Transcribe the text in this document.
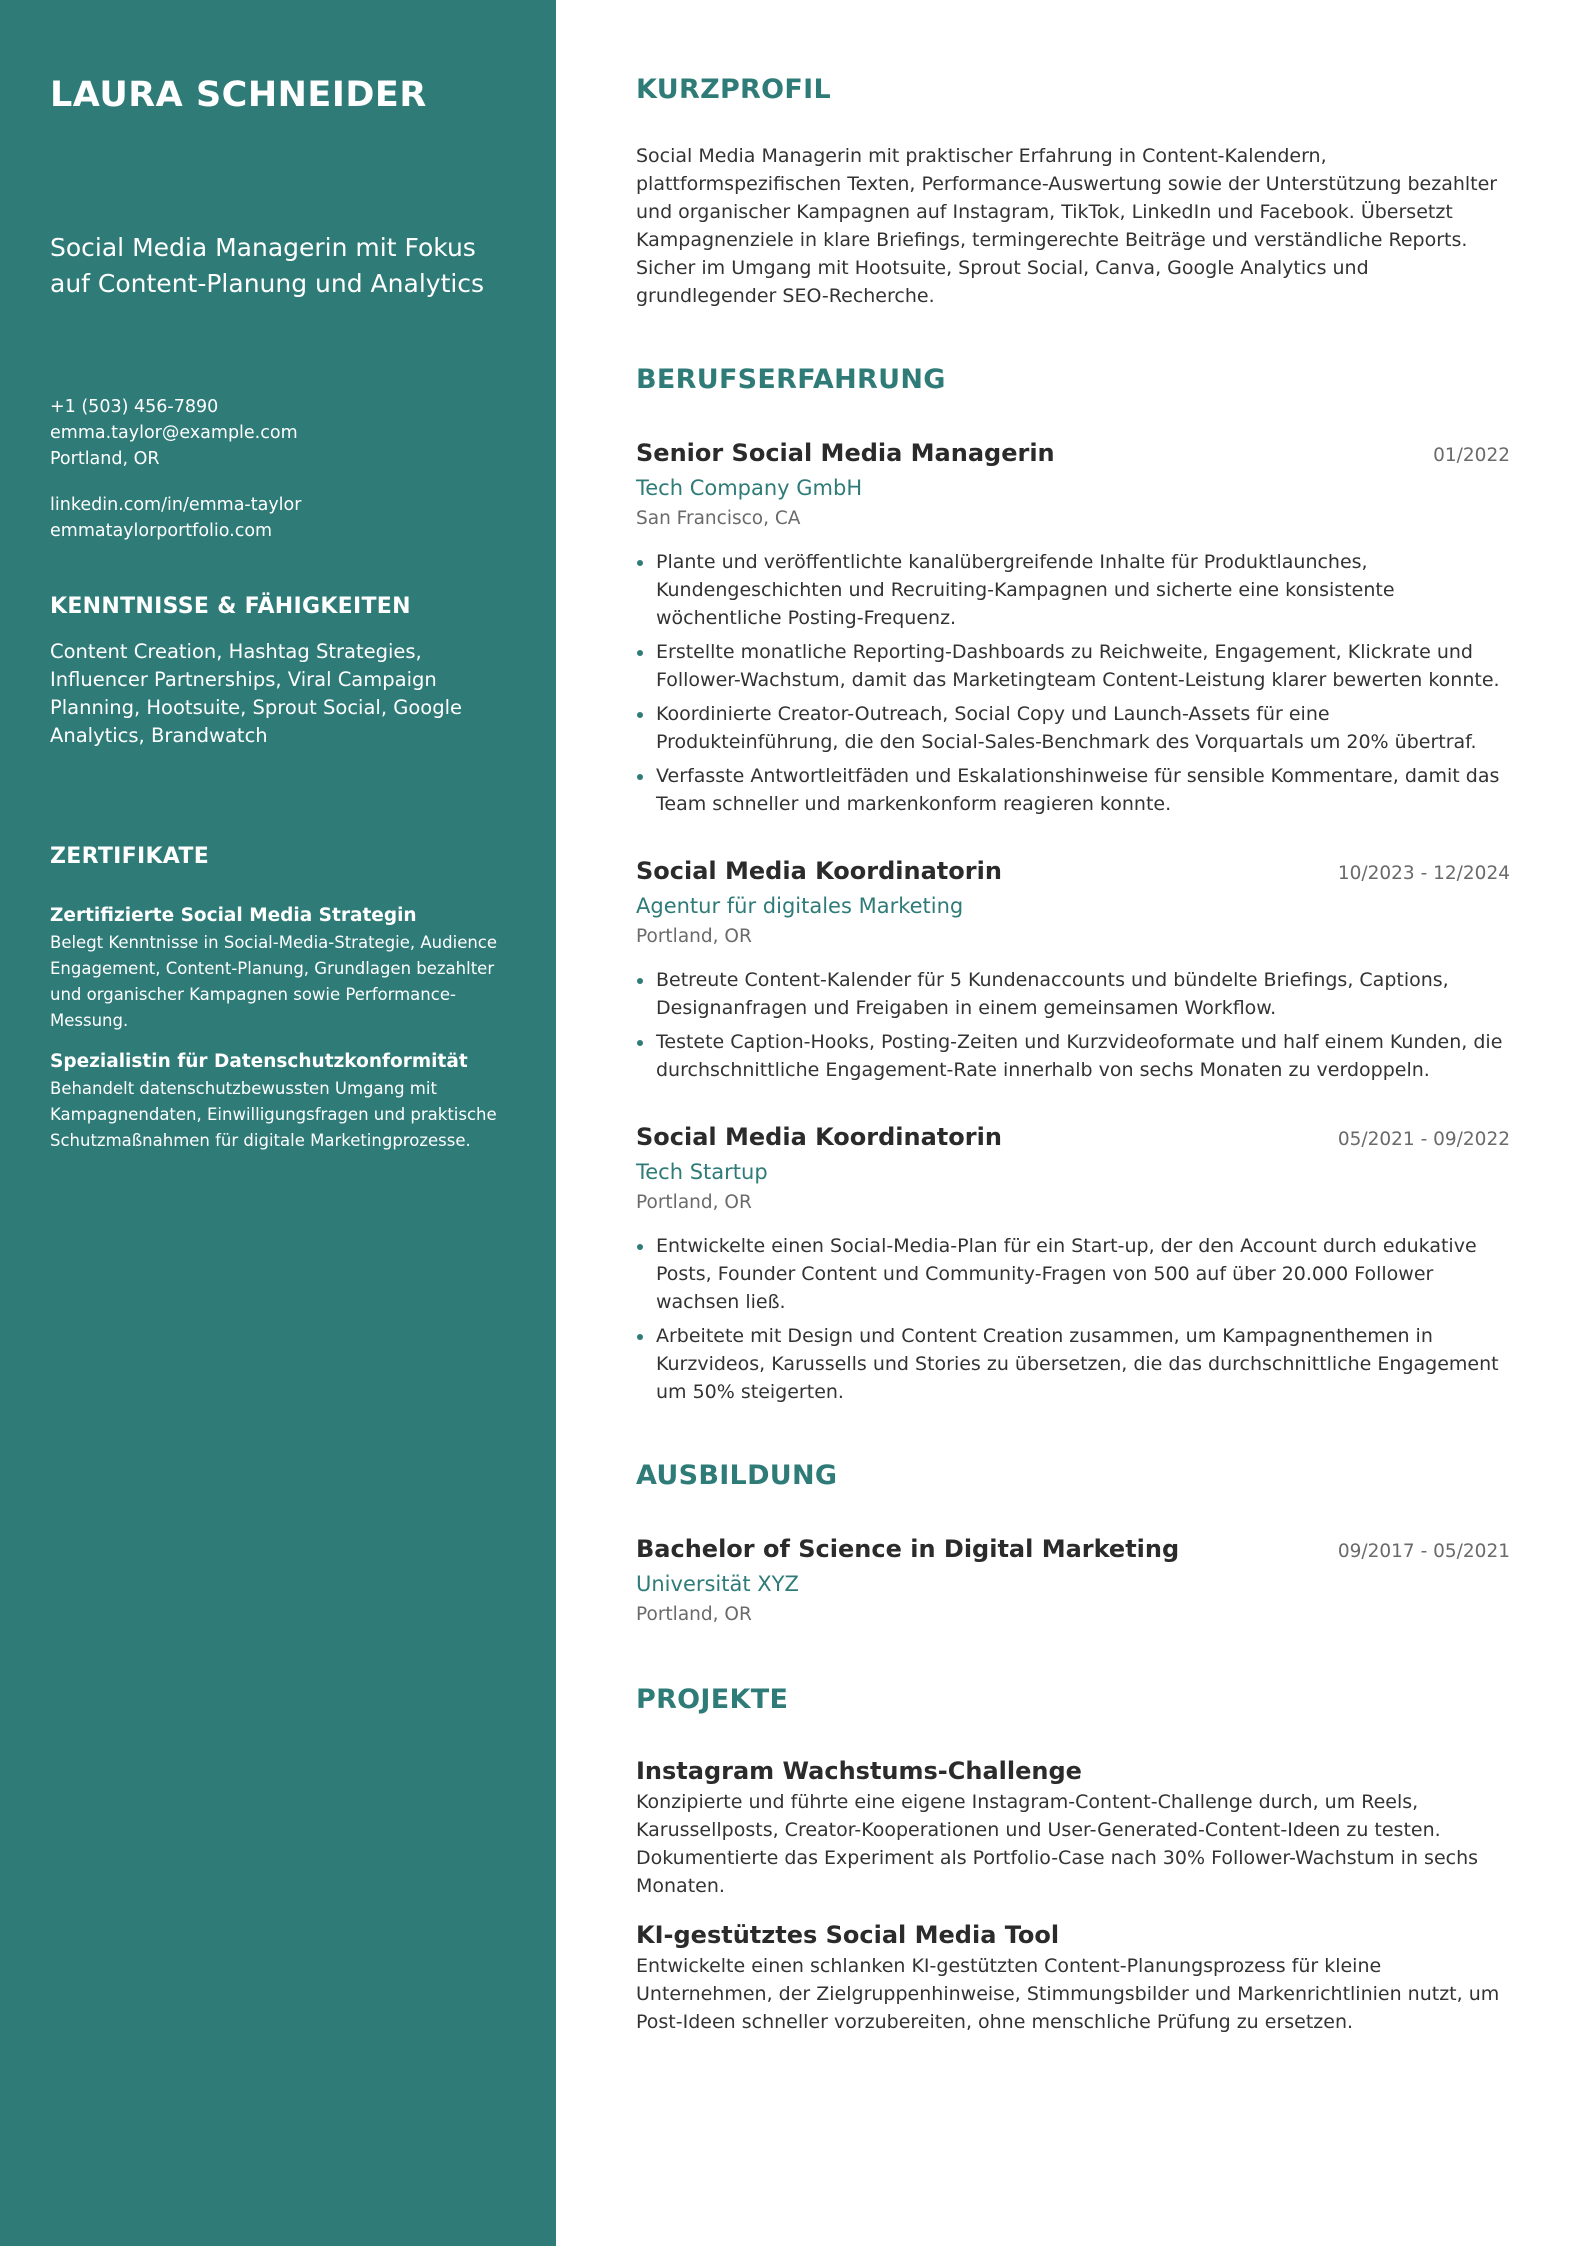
LAURA SCHNEIDER
Social Media Managerin mit Fokus auf Content-Planung und Analytics
+1 (503) 456-7890
emma.taylor@example.com
Portland, OR
linkedin.com/in/emma-taylor
emmataylorportfolio.com
KENNTNISSE & FÄHIGKEITEN
Content Creation, Hashtag Strategies, Influencer Partnerships, Viral Campaign Planning, Hootsuite, Sprout Social, Google Analytics, Brandwatch
ZERTIFIKATE
Zertifizierte Social Media Strategin
Belegt Kenntnisse in Social-Media-Strategie, Audience Engagement, Content-Planung, Grundlagen bezahlter und organischer Kampagnen sowie Performance-Messung.
Spezialistin für Datenschutzkonformität
Behandelt datenschutzbewussten Umgang mit Kampagnendaten, Einwilligungsfragen und praktische Schutzmaßnahmen für digitale Marketingprozesse.
KURZPROFIL
Social Media Managerin mit praktischer Erfahrung in Content-Kalendern, plattformspezifischen Texten, Performance-Auswertung sowie der Unterstützung bezahlter und organischer Kampagnen auf Instagram, TikTok, LinkedIn und Facebook. Übersetzt Kampagnenziele in klare Briefings, termingerechte Beiträge und verständliche Reports. Sicher im Umgang mit Hootsuite, Sprout Social, Canva, Google Analytics und grundlegender SEO-Recherche.
BERUFSERFAHRUNG
Senior Social Media Managerin	01/2022
Tech Company GmbH
San Francisco, CA
Plante und veröffentlichte kanalübergreifende Inhalte für Produktlaunches, Kundengeschichten und Recruiting-Kampagnen und sicherte eine konsistente wöchentliche Posting-Frequenz.
Erstellte monatliche Reporting-Dashboards zu Reichweite, Engagement, Klickrate und Follower-Wachstum, damit das Marketingteam Content-Leistung klarer bewerten konnte.
Koordinierte Creator-Outreach, Social Copy und Launch-Assets für eine Produkteinführung, die den Social-Sales-Benchmark des Vorquartals um 20% übertraf.
Verfasste Antwortleitfäden und Eskalationshinweise für sensible Kommentare, damit das Team schneller und markenkonform reagieren konnte.
Social Media Koordinatorin	10/2023 - 12/2024
Agentur für digitales Marketing
Portland, OR
Betreute Content-Kalender für 5 Kundenaccounts und bündelte Briefings, Captions, Designanfragen und Freigaben in einem gemeinsamen Workflow.
Testete Caption-Hooks, Posting-Zeiten und Kurzvideoformate und half einem Kunden, die durchschnittliche Engagement-Rate innerhalb von sechs Monaten zu verdoppeln.
Social Media Koordinatorin	05/2021 - 09/2022
Tech Startup
Portland, OR
Entwickelte einen Social-Media-Plan für ein Start-up, der den Account durch edukative Posts, Founder Content und Community-Fragen von 500 auf über 20.000 Follower wachsen ließ.
Arbeitete mit Design und Content Creation zusammen, um Kampagnenthemen in Kurzvideos, Karussells und Stories zu übersetzen, die das durchschnittliche Engagement um 50% steigerten.
AUSBILDUNG
Bachelor of Science in Digital Marketing	09/2017 - 05/2021
Universität XYZ
Portland, OR
PROJEKTE
Instagram Wachstums-Challenge
Konzipierte und führte eine eigene Instagram-Content-Challenge durch, um Reels, Karussellposts, Creator-Kooperationen und User-Generated-Content-Ideen zu testen. Dokumentierte das Experiment als Portfolio-Case nach 30% Follower-Wachstum in sechs Monaten.
KI-gestütztes Social Media Tool
Entwickelte einen schlanken KI-gestützten Content-Planungsprozess für kleine Unternehmen, der Zielgruppenhinweise, Stimmungsbilder und Markenrichtlinien nutzt, um Post-Ideen schneller vorzubereiten, ohne menschliche Prüfung zu ersetzen.
